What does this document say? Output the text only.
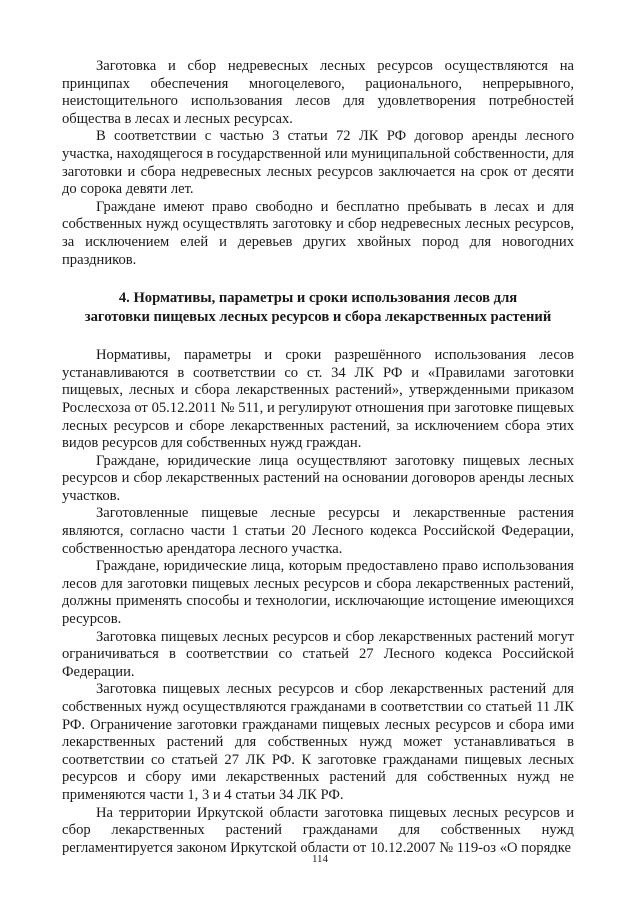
Заготовка и сбор недревесных лесных ресурсов осуществляются на принципах обеспечения многоцелевого, рационального, непрерывного, неистощительного использования лесов для удовлетворения потребностей общества в лесах и лесных ресурсах.

В соответствии с частью 3 статьи 72 ЛК РФ договор аренды лесного участка, находящегося в государственной или муниципальной собственности, для заготовки и сбора недревесных лесных ресурсов заключается на срок от десяти до сорока девяти лет.

Граждане имеют право свободно и бесплатно пребывать в лесах и для собственных нужд осуществлять заготовку и сбор недревесных лесных ресурсов, за исключением елей и деревьев других хвойных пород для новогодних праздников.

4. Нормативы, параметры и сроки использования лесов для
заготовки пищевых лесных ресурсов и сбора лекарственных растений

Нормативы, параметры и сроки разрешённого использования лесов устанавливаются в соответствии со ст. 34 ЛК РФ и «Правилами заготовки пищевых, лесных и сбора лекарственных растений», утвержденными приказом Рослесхоза от 05.12.2011 № 511, и регулируют отношения при заготовке пищевых лесных ресурсов и сборе лекарственных растений, за исключением сбора этих видов ресурсов для собственных нужд граждан.

Граждане, юридические лица осуществляют заготовку пищевых лесных ресурсов и сбор лекарственных растений на основании договоров аренды лесных участков.

Заготовленные пищевые лесные ресурсы и лекарственные растения являются, согласно части 1 статьи 20 Лесного кодекса Российской Федерации, собственностью арендатора лесного участка.

Граждане, юридические лица, которым предоставлено право использования лесов для заготовки пищевых лесных ресурсов и сбора лекарственных растений, должны применять способы и технологии, исключающие истощение имеющихся ресурсов.

Заготовка пищевых лесных ресурсов и сбор лекарственных растений могут ограничиваться в соответствии со статьей 27 Лесного кодекса Российской Федерации.

Заготовка пищевых лесных ресурсов и сбор лекарственных растений для собственных нужд осуществляются гражданами в соответствии со статьей 11 ЛК РФ. Ограничение заготовки гражданами пищевых лесных ресурсов и сбора ими лекарственных растений для собственных нужд может устанавливаться в соответствии со статьей 27 ЛК РФ. К заготовке гражданами пищевых лесных ресурсов и сбору ими лекарственных растений для собственных нужд не применяются части 1, 3 и 4 статьи 34 ЛК РФ.

На территории Иркутской области заготовка пищевых лесных ресурсов и сбор лекарственных растений гражданами для собственных нужд регламентируется законом Иркутской области от 10.12.2007 № 119-оз «О порядке

114
